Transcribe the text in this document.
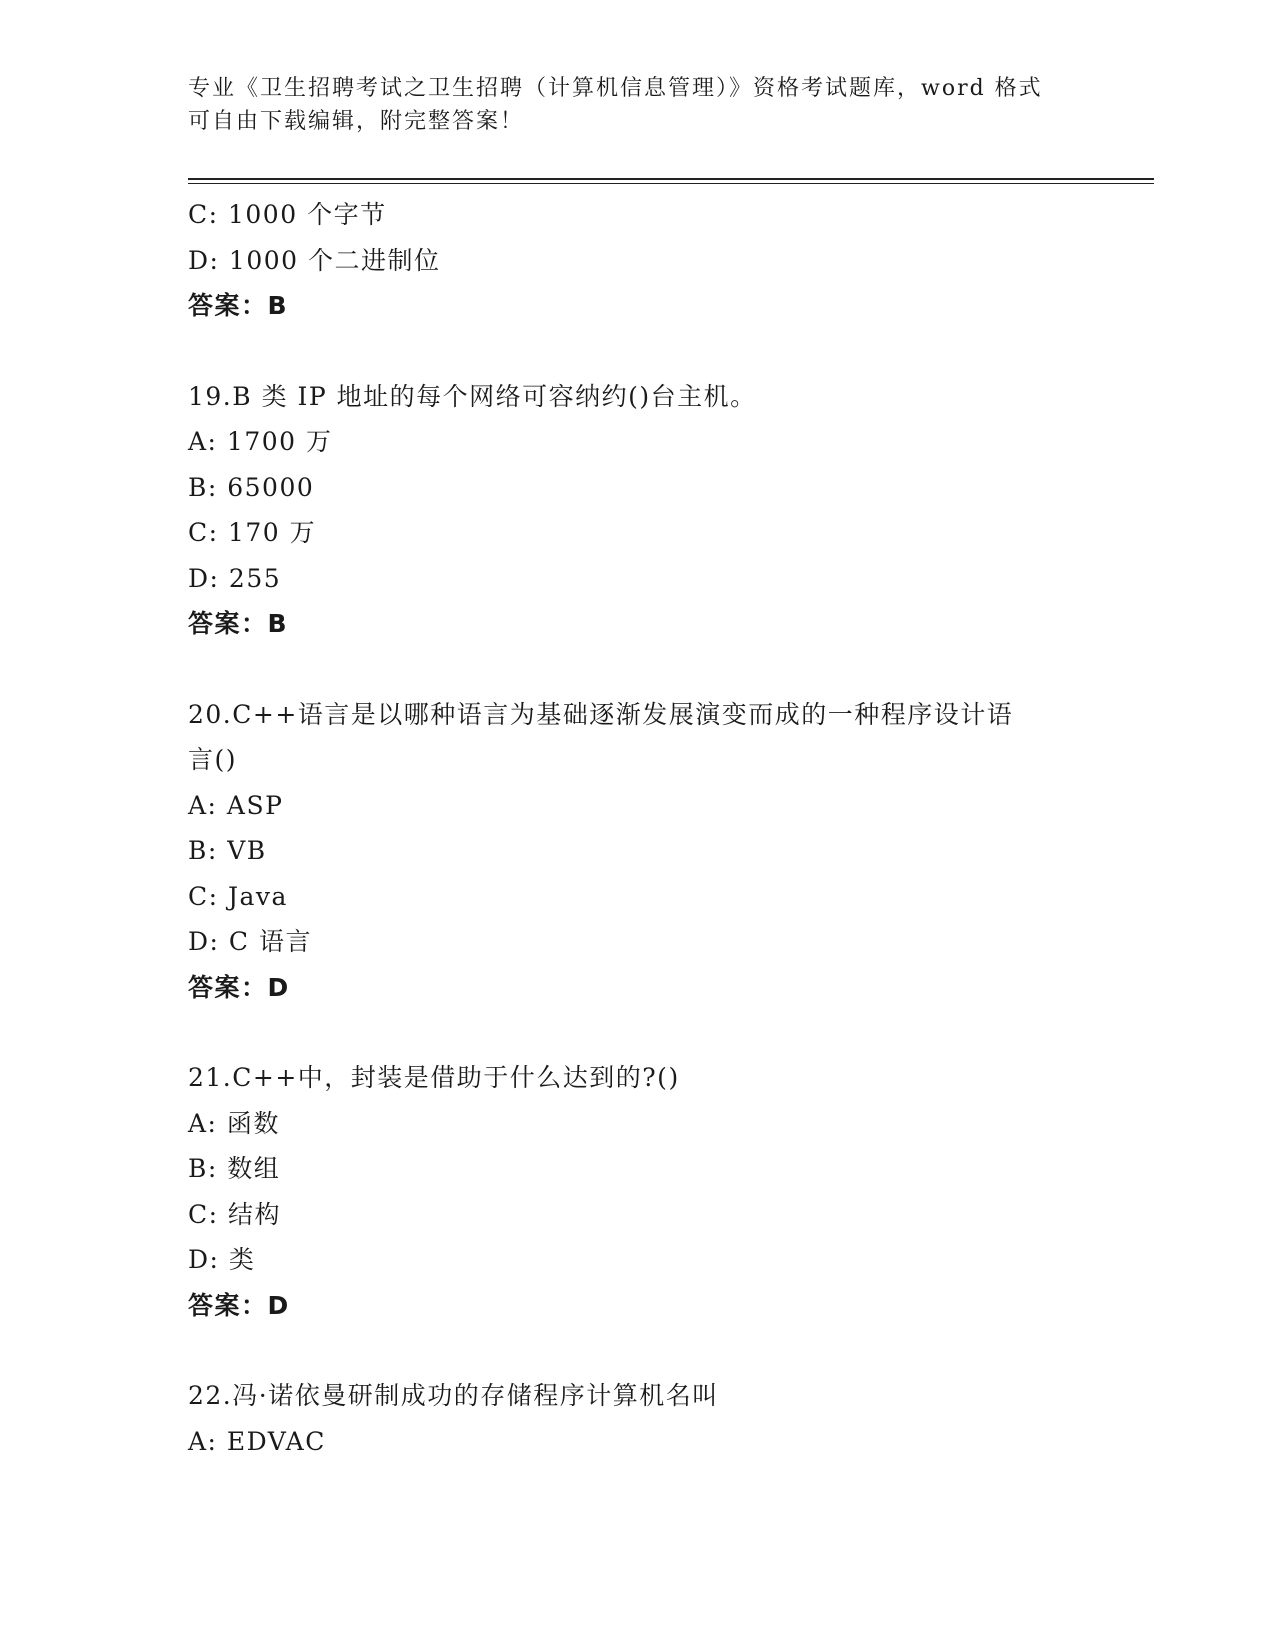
专业《卫生招聘考试之卫生招聘（计算机信息管理）》资格考试题库，word 格式
可自由下载编辑，附完整答案！
C: 1000 个字节
D: 1000 个二进制位
答案：B
19.B 类 IP 地址的每个网络可容纳约()台主机。
A: 1700 万
B: 65000
C: 170 万
D: 255
答案：B
20.C++语言是以哪种语言为基础逐渐发展演变而成的一种程序设计语
言()
A: ASP
B: VB
C: Java
D: C 语言
答案：D
21.C++中，封装是借助于什么达到的?()
A: 函数
B: 数组
C: 结构
D: 类
答案：D
22.冯·诺依曼研制成功的存储程序计算机名叫
A: EDVAC
